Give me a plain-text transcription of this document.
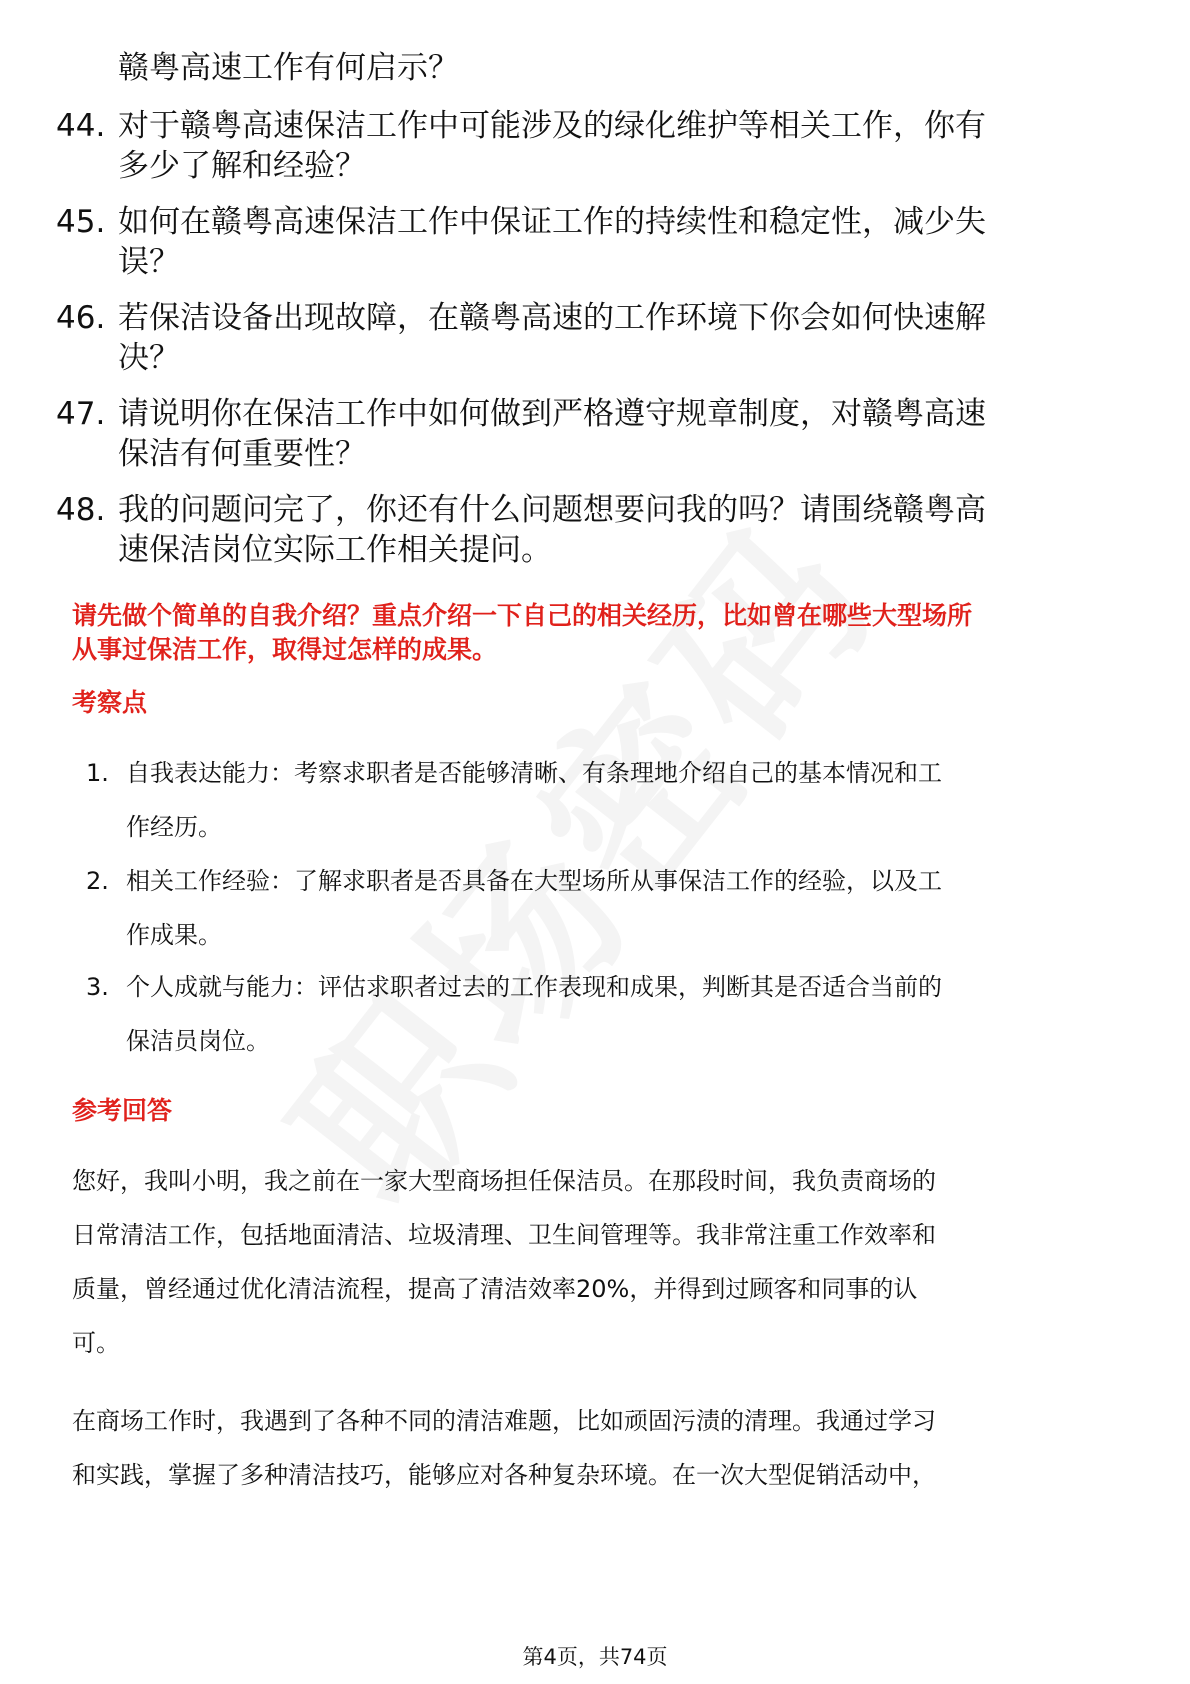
赣粤高速工作有何启示？
44. 对于赣粤高速保洁工作中可能涉及的绿化维护等相关工作，你有
多少了解和经验？
45. 如何在赣粤高速保洁工作中保证工作的持续性和稳定性，减少失
误？
46. 若保洁设备出现故障，在赣粤高速的工作环境下你会如何快速解
决？
47. 请说明你在保洁工作中如何做到严格遵守规章制度，对赣粤高速
保洁有何重要性？
48. 我的问题问完了，你还有什么问题想要问我的吗？请围绕赣粤高
速保洁岗位实际工作相关提问。
请先做个简单的自我介绍？重点介绍一下自己的相关经历，比如曾在哪些大型场所
从事过保洁工作，取得过怎样的成果。
考察点
1. 自我表达能力：考察求职者是否能够清晰、有条理地介绍自己的基本情况和工
作经历。
2. 相关工作经验：了解求职者是否具备在大型场所从事保洁工作的经验，以及工
作成果。
3. 个人成就与能力：评估求职者过去的工作表现和成果，判断其是否适合当前的
保洁员岗位。
参考回答
您好，我叫小明，我之前在一家大型商场担任保洁员。在那段时间，我负责商场的
日常清洁工作，包括地面清洁、垃圾清理、卫生间管理等。我非常注重工作效率和
质量，曾经通过优化清洁流程，提高了清洁效率20%，并得到过顾客和同事的认
可。
在商场工作时，我遇到了各种不同的清洁难题，比如顽固污渍的清理。我通过学习
和实践，掌握了多种清洁技巧，能够应对各种复杂环境。在一次大型促销活动中，
第4页，共74页
